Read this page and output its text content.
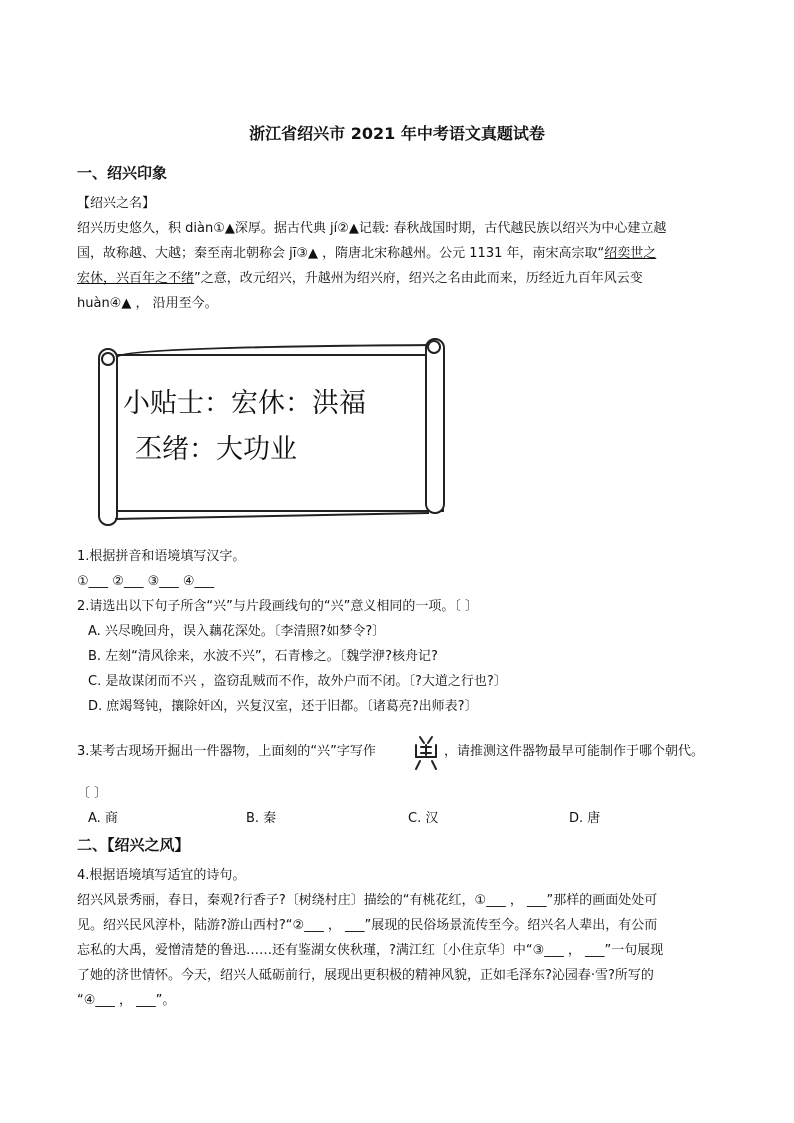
浙江省绍兴市 2021 年中考语文真题试卷
一、绍兴印象
【绍兴之名】
绍兴历史悠久，积 diàn①▲深厚。据古代典 jí②▲记载: 春秋战国时期，古代越民族以绍兴为中心建立越
国，故称越、大越；秦至南北朝称会 jī③▲ ，隋唐北宋称越州。公元 1131 年，南宋高宗取“绍奕世之
宏休，兴百年之不绪”之意，改元绍兴，升越州为绍兴府，绍兴之名由此而来，历经近九百年风云变
huàn④▲ ， 沿用至今。
小贴士：宏休：洪福
丕绪：大功业
1.根据拼音和语境填写汉字。
①___ ②___ ③___ ④___
2.请选出以下句子所含“兴”与片段画线句的“兴”意义相同的一项。〔 〕
A. 兴尽晚回舟，误入藕花深处。〔李清照?如梦令?〕
B. 左刻“清风徐来，水波不兴”，石青椮之。〔魏学洢?核舟记?
C. 是故谋闭而不兴 ，盗窃乱贼而不作，故外户而不闭。〔?大道之行也?〕
D. 庶竭驽钝，攘除奸凶，兴复汉室，还于旧都。〔诸葛亮?出师表?〕
3.某考古现场开掘出一件器物，上面刻的“兴”字写作	，请推测这件器物最早可能制作于哪个朝代。
〔 〕
A. 商	B. 秦	C. 汉	D. 唐
二、【绍兴之风】
4.根据语境填写适宜的诗句。
绍兴风景秀丽，春日，秦观?行香子?〔树绕村庄〕描绘的“有桃花红，①___ ， ___”那样的画面处处可
见。绍兴民风淳朴，陆游?游山西村?“②___ ， ___”展现的民俗场景流传至今。绍兴名人辈出，有公而
忘私的大禹，爱憎清楚的鲁迅……还有鉴湖女侠秋瑾，?满江红〔小住京华〕中“③___ ， ___”一句展现
了她的济世情怀。今天，绍兴人砥砺前行，展现出更积极的精神风貌，正如毛泽东?沁园春·雪?所写的
“④___ ， ___”。
